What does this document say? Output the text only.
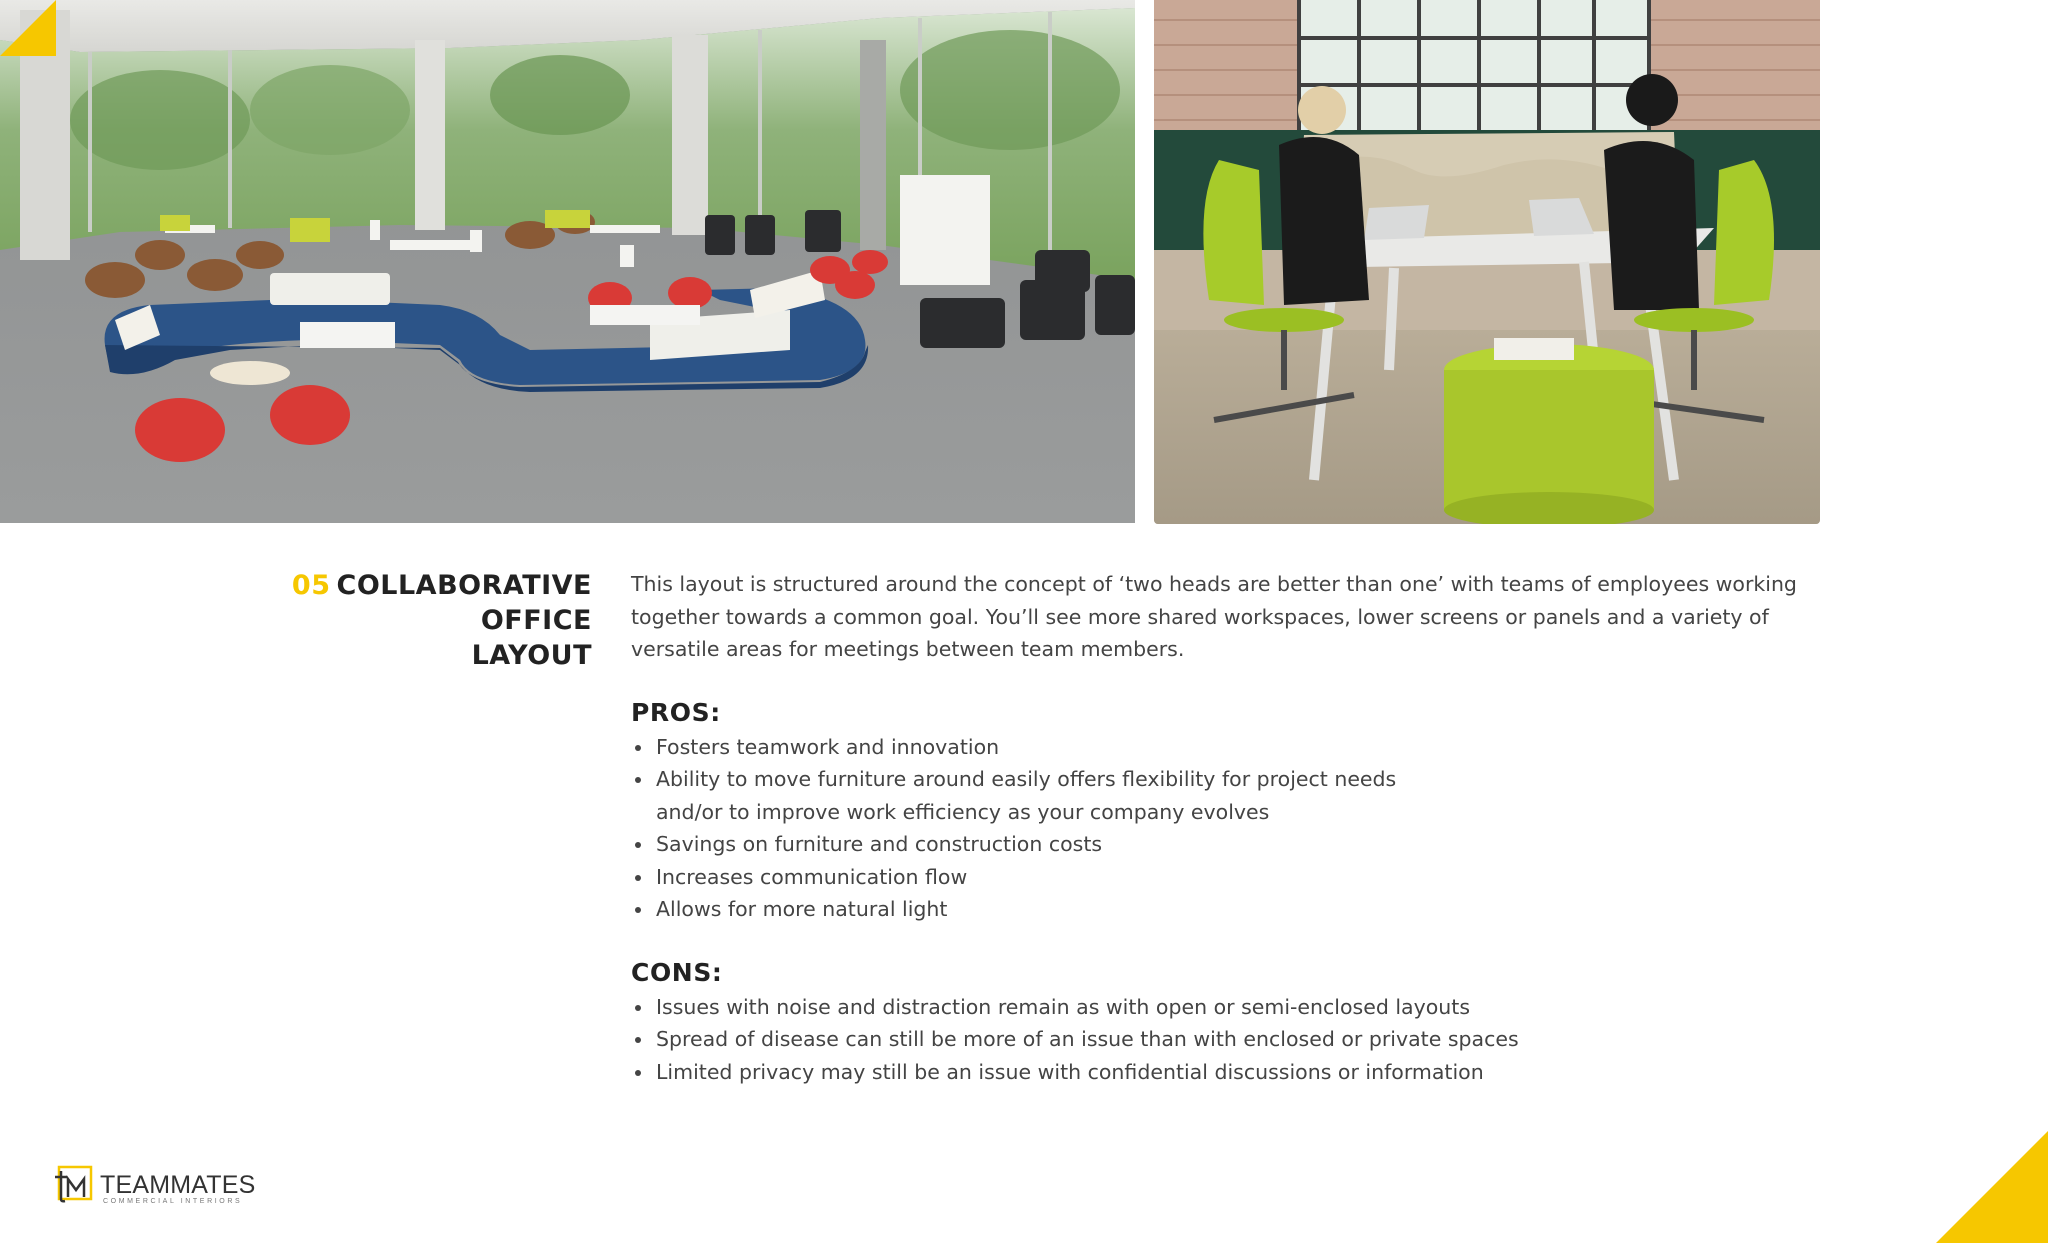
05 COLLABORATIVE OFFICE
LAYOUT

This layout is structured around the concept of ‘two heads are better than one’ with teams of employees working together towards a common goal. You’ll see more shared workspaces, lower screens or panels and a variety of versatile areas for meetings between team members.

PROS:
Fosters teamwork and innovation
Ability to move furniture around easily offers flexibility for project needs and/or to improve work efficiency as your company evolves
Savings on furniture and construction costs
Increases communication flow
Allows for more natural light
CONS:
Issues with noise and distraction remain as with open or semi-enclosed layouts
Spread of disease can still be more of an issue than with enclosed or private spaces
Limited privacy may still be an issue with confidential discussions or information
TEAMMATES
COMMERCIAL INTERIORS
